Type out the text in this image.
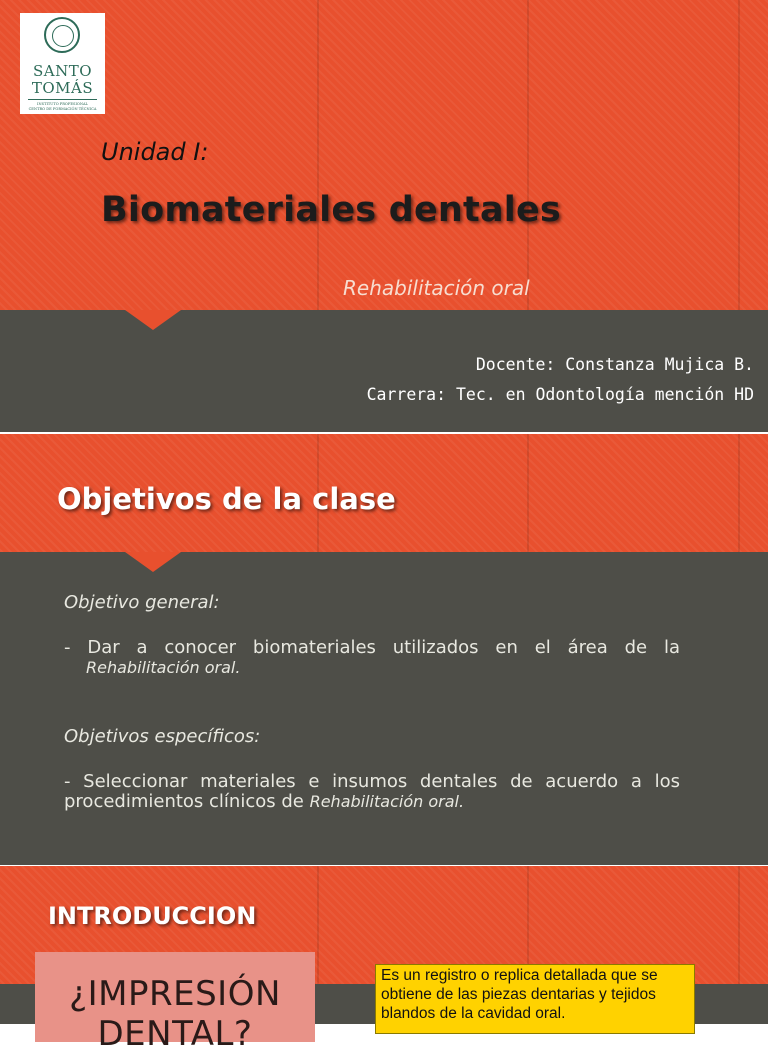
SANTO
TOMÁS
INSTITUTO PROFESIONAL
CENTRO DE FORMACIÓN TÉCNICA
Unidad I:
Biomateriales dentales
Rehabilitación oral
Docente: Constanza Mujica B.
Carrera: Tec. en Odontología mención HD
Objetivos de la clase
Objetivo general:
- Dar a conocer biomateriales utilizados en el área de la
Rehabilitación oral.
Objetivos específicos:
- Seleccionar materiales e insumos dentales de acuerdo a los
procedimientos clínicos de Rehabilitación oral.
INTRODUCCION
¿IMPRESIÓN
DENTAL?
Es un registro o replica detallada que se obtiene de las piezas dentarias y tejidos blandos de la cavidad oral.
